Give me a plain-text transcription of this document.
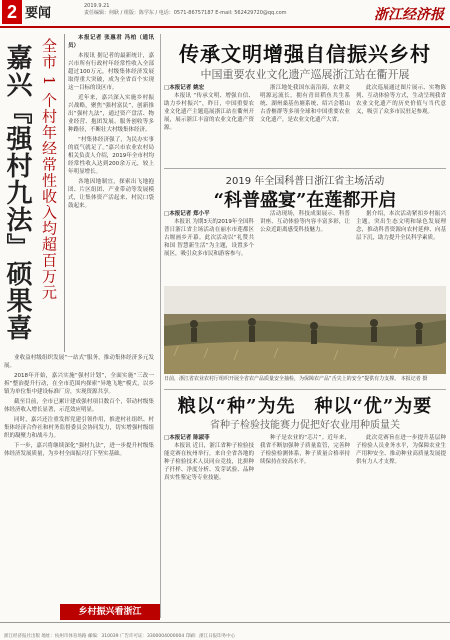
2 要闻	2019.9.21
责任编辑：何耿 / 组版：陈学东 / 电话：0571-86757187 E-mail: 562429720@qq.com	浙江经济报
嘉兴『强村九法』硕果喜
全市 1 个村年经常性收入均超百万元	本报记者 张惠君 冯柏（通讯员）
本报讯 据记者的最新统计，嘉兴市所有行政村年经常性收入全部超过100万元，村级集体经济发展取得重大突破，成为全省首个实现这一目标的设区市。
近年来，嘉兴深入实施乡村振兴战略，聚焦“强村富民”，创新推出“强村九法”，通过资产盘活、物业经营、抱团发展、服务创收等多种路径，不断壮大村级集体经济。
“村集体经济强了，为民办实事的底气就足了。”嘉兴市农业农村局相关负责人介绍，2019年全市村均经常性收入达到200余万元，较上年明显增长。
各地因地制宜，探索出飞地抱团、片区组团、产业带动等发展模式，让集体资产活起来、村民口袋鼓起来。
业收益村级组织发展“一站式”服务，推动集体经济多元发展。
2018年开始，嘉兴实施“强村计划”，全面实施“三改一拆”整治提升行动，在全市范围内探索“异地飞地”模式，以乡镇为单位集中建设标准厂房，实现资源共享。
截至目前，全市已累计建成强村项目数百个，带动村级集体经济收入增长显著，示范效应明显。
同时，嘉兴还注重发挥党建引领作用，推进村社组织、村集体经济合作社和村务监督委员会协同发力，切实增强村级组织的凝聚力和战斗力。
下一步，嘉兴将继续深化“强村九法”，进一步提升村级集体经济发展质量，为乡村全面振兴打下坚实基础。
传承文明增强自信振兴乡村
中国重要农业文化遗产巡展浙江站在衢开展
□本报记者 姚宏
本报讯 “传承文明、增强自信、助力乡村振兴”，昨日，中国重要农业文化遗产主题巡展浙江站在衢州开展，展示浙江丰富的农业文化遗产资源。
浙江地处我国东南沿海，农耕文明源远流长，拥有青田稻鱼共生系统、湖州桑基鱼塘系统、绍兴会稽山古香榧群等多项全球和中国重要农业文化遗产，是农业文化遗产大省。
此次巡展通过图片展示、实物陈列、互动体验等方式，生动呈现我省农业文化遗产的历史价值与当代意义，吸引了众多市民驻足参观。
2019 年全国科普日浙江省主场活动
“科普盛宴”在莲都开启
□本报记者 郑小平
本报讯 为期3天的2019年全国科普日浙江省主场活动在丽水市莲都区古堰画乡开幕。此次活动以“礼赞共和国 智慧新生活”为主题，设置多个展区，吸引众多市民和游客参与。
活动现场，科技成果展示、科普讲座、互动体验等内容丰富多彩，让公众近距离感受科技魅力。
据介绍，本次活动紧扣乡村振兴主题，突出生态文明和绿色发展理念，推动科普资源向农村延伸、向基层下沉，助力提升全民科学素质。
日前，浙江省农业农村厅组织开展全省农产品质量安全抽检，为保障农产品“舌尖上的安全”提供有力支撑。 本报记者 摄
粮以“种”为先　种以“优”为要
省种子检验技能赛力促把好农业用种质量关
□本报记者 陈淑菲
本报讯 近日，浙江省种子检验技能竞赛在杭州举行，来自全省各地的种子检验技术人员同台竞技，比拼种子扦样、净度分析、发芽试验、品种真实性鉴定等专业技能。
种子是农业的“芯片”。近年来，我省不断加强种子质量监管，完善种子检验检测体系，种子质量合格率持续保持在较高水平。
此次竞赛旨在进一步提升基层种子检验人员业务水平，为保障农业生产用种安全、推动种业高质量发展提供有力人才支撑。
浙江经济报社出版 地址：杭州市体育场路 邮编：310039 广告许可证：3300004000004 印刷：浙江日报印务中心
乡村振兴看浙江
